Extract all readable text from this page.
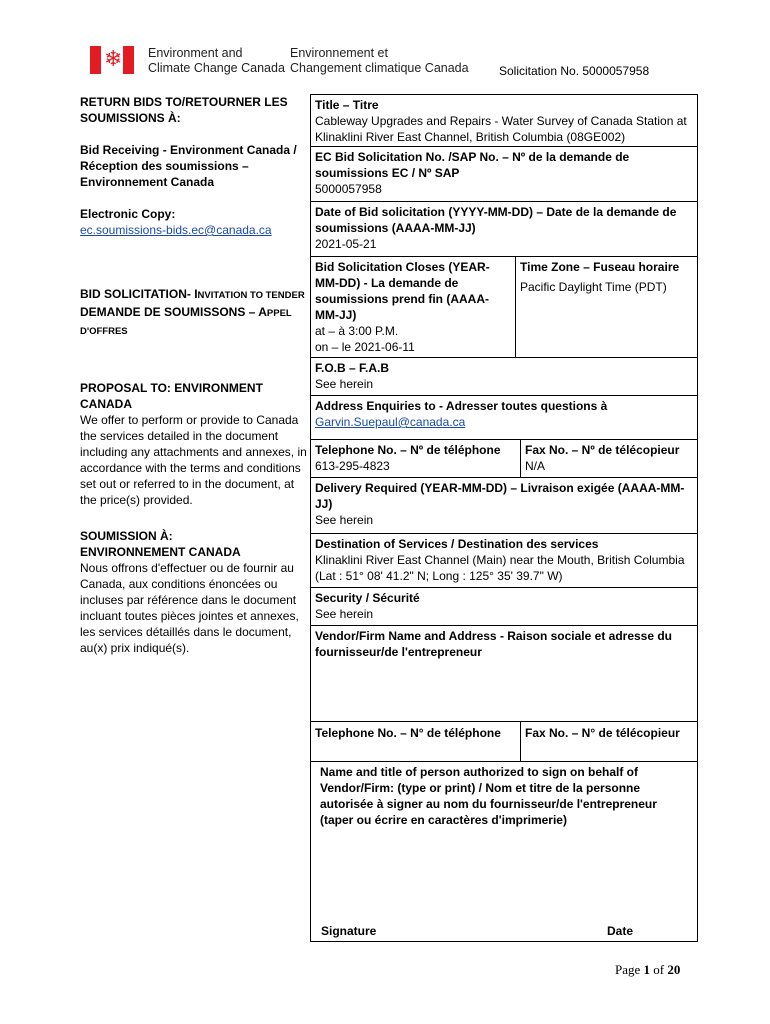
❄ Environment and
Climate Change Canada
Environnement et
Changement climatique Canada	Solicitation No. 5000057958

RETURN BIDS TO/RETOURNER LES SOUMISSIONS À:

Bid Receiving - Environment Canada / Réception des soumissions – Environnement Canada

Electronic Copy:

ec.soumissions-bids.ec@canada.ca

BID SOLICITATION- INVITATION TO TENDER

DEMANDE DE SOUMISSONS – APPEL D'OFFRES

PROPOSAL TO: ENVIRONMENT CANADA

We offer to perform or provide to Canada the services detailed in the document including any attachments and annexes, in accordance with the terms and conditions set out or referred to in the document, at the price(s) provided.

SOUMISSION À:

ENVIRONNEMENT CANADA

Nous offrons d'effectuer ou de fournir au Canada, aux conditions énoncées ou incluses par référence dans le document incluant toutes pièces jointes et annexes, les services détaillés dans le document, au(x) prix indiqué(s).

Title – Titre
Cableway Upgrades and Repairs - Water Survey of Canada Station at Klinaklini River East Channel, British Columbia (08GE002)
EC Bid Solicitation No. /SAP No. – Nº de la demande de soumissions EC / Nº SAP
5000057958
Date of Bid solicitation (YYYY-MM-DD) – Date de la demande de soumissions (AAAA-MM-JJ)
2021-05-21
Bid Solicitation Closes (YEAR-MM-DD) - La demande de soumissions prend fin (AAAA-MM-JJ)
at – à 3:00 P.M.
on – le 2021-06-11
Time Zone – Fuseau horaire
Pacific Daylight Time (PDT)
F.O.B – F.A.B
See herein
Address Enquiries to - Adresser toutes questions à
Garvin.Suepaul@canada.ca
Telephone No. – Nº de téléphone
613-295-4823
Fax No. – Nº de télécopieur
N/A
Delivery Required (YEAR-MM-DD) – Livraison exigée (AAAA-MM-JJ)
See herein
Destination of Services / Destination des services
Klinaklini River East Channel (Main) near the Mouth, British Columbia (Lat : 51° 08' 41.2" N; Long : 125° 35' 39.7" W)
Security / Sécurité
See herein
Vendor/Firm Name and Address - Raison sociale et adresse du fournisseur/de l'entrepreneur
Telephone No. – N° de téléphone	Fax No. – N° de télécopieur
Name and title of person authorized to sign on behalf of Vendor/Firm: (type or print) / Nom et titre de la personne autorisée à signer au nom du fournisseur/de l'entrepreneur (taper ou écrire en caractères d'imprimerie)
Signature	Date
Page 1 of 20
